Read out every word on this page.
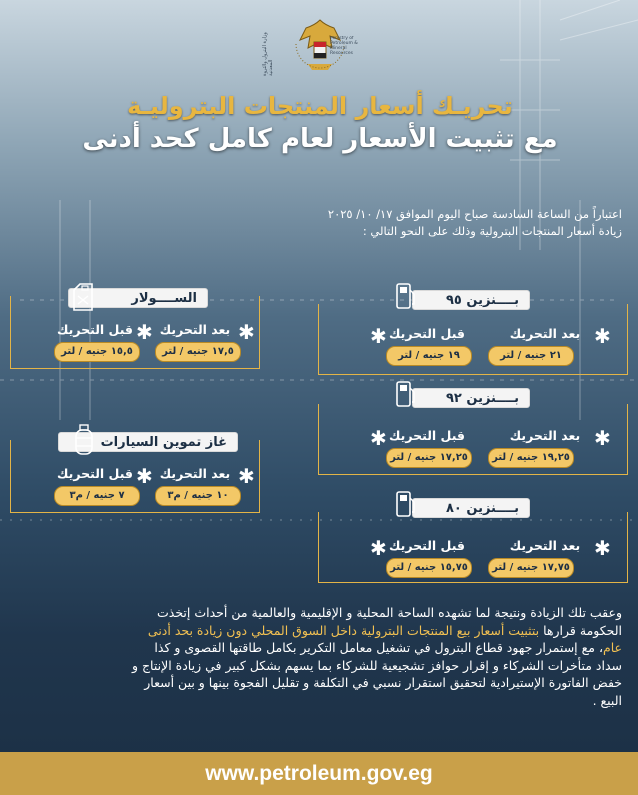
وزارة البترول والثروة المعدنية
Ministry of Petroleum & Mineral Resources
تحريـك أسعار المنتجات البتروليـة
مع تثبيت الأسعار لعام كامل كحد أدنى
اعتباراً من الساعة السادسة صباح اليوم الموافق ١٧/ ١٠/ ٢٠٢٥
زيادة أسعار المنتجات البترولية وذلك على النحو التالي :
الســــولار
بعد التحريك ✱
١٧,٥ جنيه / لتر
قبل التحريك ✱
١٥,٥ جنيه / لتر
غاز تموين السيارات
بعد التحريك ✱
١٠ جنيه / م٣
قبل التحريك ✱
٧ جنيه / م٣
بــــنزين ٩٥
بعد التحريك ✱
٢١ جنيه / لتر
قبل التحريك
✱
١٩ جنيه / لتر
بــــنزين ٩٢
بعد التحريك ✱
١٩,٢٥ جنيه / لتر
قبل التحريك
✱
١٧,٢٥ جنيه / لتر
بــــنزين ٨٠
بعد التحريك ✱
١٧,٧٥ جنيه / لتر
قبل التحريك
✱
١٥,٧٥ جنيه / لتر
وعقب تلك الزيادة ونتيجة لما تشهده الساحة المحلية و الإقليمية والعالمية من أحداث إتخذت
الحكومة قرارها بتثبيت أسعار بيع المنتجات البترولية داخل السوق المحلي دون زيادة بحد أدنى
عام، مع إستمرار جهود قطاع البترول في تشغيل معامل التكرير بكامل طاقتها القصوى و كذا
سداد متأخرات الشركاء و إقرار حوافز تشجيعية للشركاء بما يسهم بشكل كبير في زيادة الإنتاج و
خفض الفاتورة الإستيرادية لتحقيق استقرار نسبي في التكلفة و تقليل الفجوة بينها و بين أسعار
البيع .
www.petroleum.gov.eg
